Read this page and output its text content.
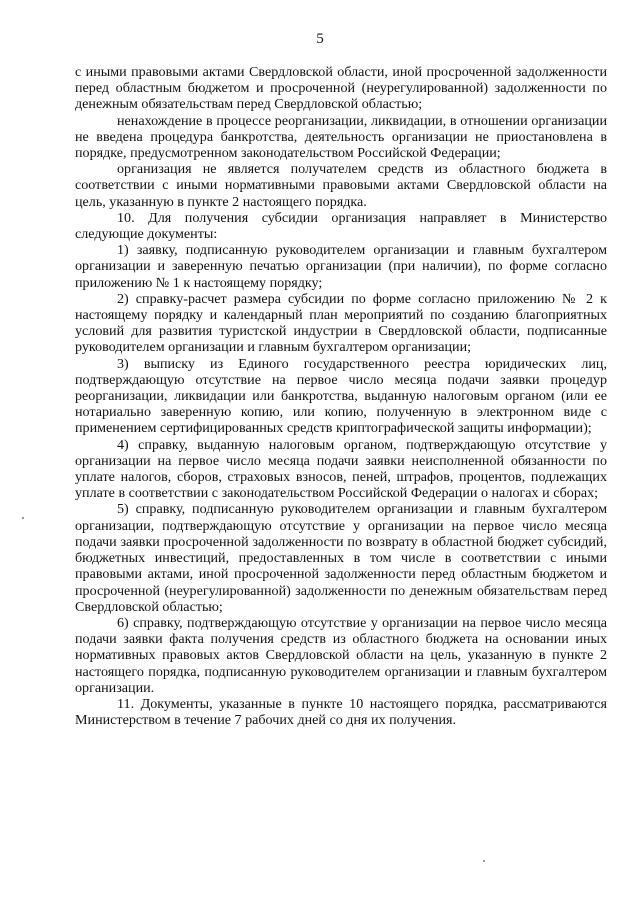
5

с иными правовыми актами Свердловской области, иной просроченной задолженности перед областным бюджетом и просроченной (неурегулированной) задолженности по денежным обязательствам перед Свердловской областью;

ненахождение в процессе реорганизации, ликвидации, в отношении организации не введена процедура банкротства, деятельность организации не приостановлена в порядке, предусмотренном законодательством Российской Федерации;

организация не является получателем средств из областного бюджета в соответствии с иными нормативными правовыми актами Свердловской области на цель, указанную в пункте 2 настоящего порядка.

10. Для получения субсидии организация направляет в Министерство следующие документы:

1) заявку, подписанную руководителем организации и главным бухгалтером организации и заверенную печатью организации (при наличии), по форме согласно приложению № 1 к настоящему порядку;

2) справку-расчет размера субсидии по форме согласно приложению № 2 к настоящему порядку и календарный план мероприятий по созданию благоприятных условий для развития туристской индустрии в Свердловской области, подписанные руководителем организации и главным бухгалтером организации;

3) выписку из Единого государственного реестра юридических лиц, подтверждающую отсутствие на первое число месяца подачи заявки процедур реорганизации, ликвидации или банкротства, выданную налоговым органом (или ее нотариально заверенную копию, или копию, полученную в электронном виде с применением сертифицированных средств криптографической защиты информации);

4) справку, выданную налоговым органом, подтверждающую отсутствие у организации на первое число месяца подачи заявки неисполненной обязанности по уплате налогов, сборов, страховых взносов, пеней, штрафов, процентов, подлежащих уплате в соответствии с законодательством Российской Федерации о налогах и сборах;

5) справку, подписанную руководителем организации и главным бухгалтером организации, подтверждающую отсутствие у организации на первое число месяца подачи заявки просроченной задолженности по возврату в областной бюджет субсидий, бюджетных инвестиций, предоставленных в том числе в соответствии с иными правовыми актами, иной просроченной задолженности перед областным бюджетом и просроченной (неурегулированной) задолженности по денежным обязательствам перед Свердловской областью;

6) справку, подтверждающую отсутствие у организации на первое число месяца подачи заявки факта получения средств из областного бюджета на основании иных нормативных правовых актов Свердловской области на цель, указанную в пункте 2 настоящего порядка, подписанную руководителем организации и главным бухгалтером организации.

11. Документы, указанные в пункте 10 настоящего порядка, рассматриваются Министерством в течение 7 рабочих дней со дня их получения.
